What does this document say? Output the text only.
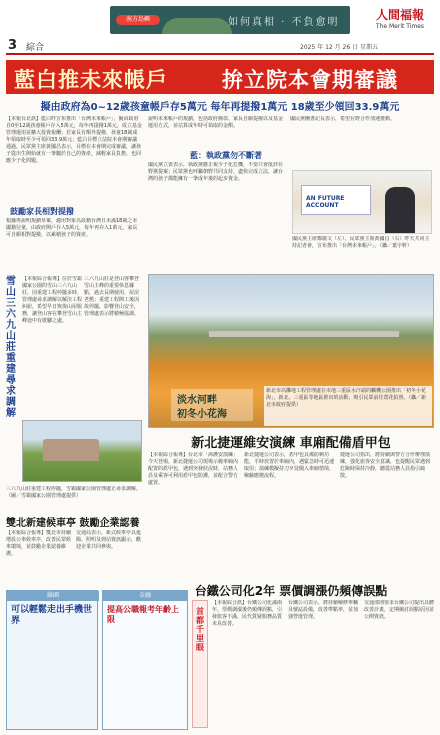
3 綜合
南方島嶼	如何真相 · 不負愈明
人間福報
The Merit Times
2025 年 12 月 26 日 星期五
藍白推未來帳戶	拚立院本會期審議
擬由政府為0~12歲孩童帳戶存5萬元 每年再提撥1萬元 18歲至少領回33.9萬元
【本報台北訊】藍白昨宣布推出「台灣未來帳戶」，擬由政府自0至12歲孩童帳戶存入5萬元，每年再提撥1萬元，成立基金管理運用並擴大投資報酬；若家長有額外提撥，孩童18歲成年領取時至少可領回33.9萬元；藍白目標立法院本會期審議通過。民眾黨主席黃國昌表示，目標在本會期完成審議，讓孩子從出生開始就有一筆屬於自己的資產，減輕家長負擔，也回應少子化問題。
說明未來帳戶的規劃，包括政府撥款、家長自願提撥以及基金運用方式，並估算成年時可領取的金額。
國民黨團書記長表示，希望在野合作加速推動。
鼓勵家長相對提撥
藍：執政黨勿不斷著
根據再說明規劃草案，適用對象為設籍台灣且未滿18歲之本國籍兒童，由政府開戶存入5萬元，每年再存入1萬元，家長可自願相對提撥，以累積孩子的資產。
國民黨立委表示，執政黨應正視少子化危機，不要只會批評在野黨提案；民眾黨也呼籲朝野共同支持，盡快完成立法，讓台灣的孩子都能擁有一筆成年後的起步資金。
AN FUTURE ACCOUNT
國民黨主席鄭麗文（左）、民眾黨主席黃國昌（右）昨天共同主持記者會，宣布推出「台灣未來帳戶」。（攝／葉宇軒）
雪山三六九山莊重建 尋求調解
【本報綜合報導】位於雪霸國家公園的雪山三六九山莊，因重建工程停擺多時，管理處尋求調解以解決工程糾紛，希望早日恢復山屋服務，讓登山客在攀登雪山主峰途中有歇腳之處。
三六九山莊是登山客攀登雪山主峰的重要休息據點，過去長期使用，屋況老舊；重建工程開工後因故停擺，影響登山安全，管理處表示將積極協調。
三六九山莊重建工程停擺，雪霸國家公園管理處正尋求調解。（圖／雪霸國家公園管理處提供）
淡水河畔
初冬小花海
新北市高灘地工程管理處在市地三重區水汴頭的觸機公園推出「初冬小花海」，新北、三重區等地區推出的活動，吸引民眾前往賞花拍照。（攝／新北市政府提供）
新北捷運維安演練 車廂配備盾甲包
【本報綜合報導】台北市「海護安演練」今天登場，新北捷運公司現場示範車廂內配置的盾甲包，遇到突發狀況時，站務人員及乘客可利用盾甲包防護，並配合警方處置。
新北捷運公司表示，盾甲包具備防刺功能，平時放置於車廂內，遇緊急時可迅速取用；演練模擬持刀歹徒闖入車廂情境，檢驗應變流程。
捷運公司指出，將持續與警方合作辦理演練，強化旅客安全意識，也提醒民眾遇到危險時保持冷靜，聽從站務人員指引疏散。
雙北新建候車亭 鼓勵企業認養
【本報綜合報導】雙北市持續增設公車候車亭，改善民眾候車環境，並鼓勵企業認養維護。
交通局表示，新式候車亭具遮陽、照明及到站資訊顯示，歡迎企業共同參與。
綠園
可以輕鬆走出手機世界
金融
提高公職報考年齡上限
台鐵公司化2年 票價調漲仍頻傳誤點
首都千里眼
【本報綜合訊】台鐵公司化滿兩年，票價調漲後仍頻傳誤點，引發旅客不滿，民代質疑服務品質未見改善。
台鐵公司表示，將持續檢修車輛及號誌設備，改善準點率，並加強營運管理。
交通部則要求台鐵公司提出具體改善計畫，定期檢討誤點原因並公開資訊。
